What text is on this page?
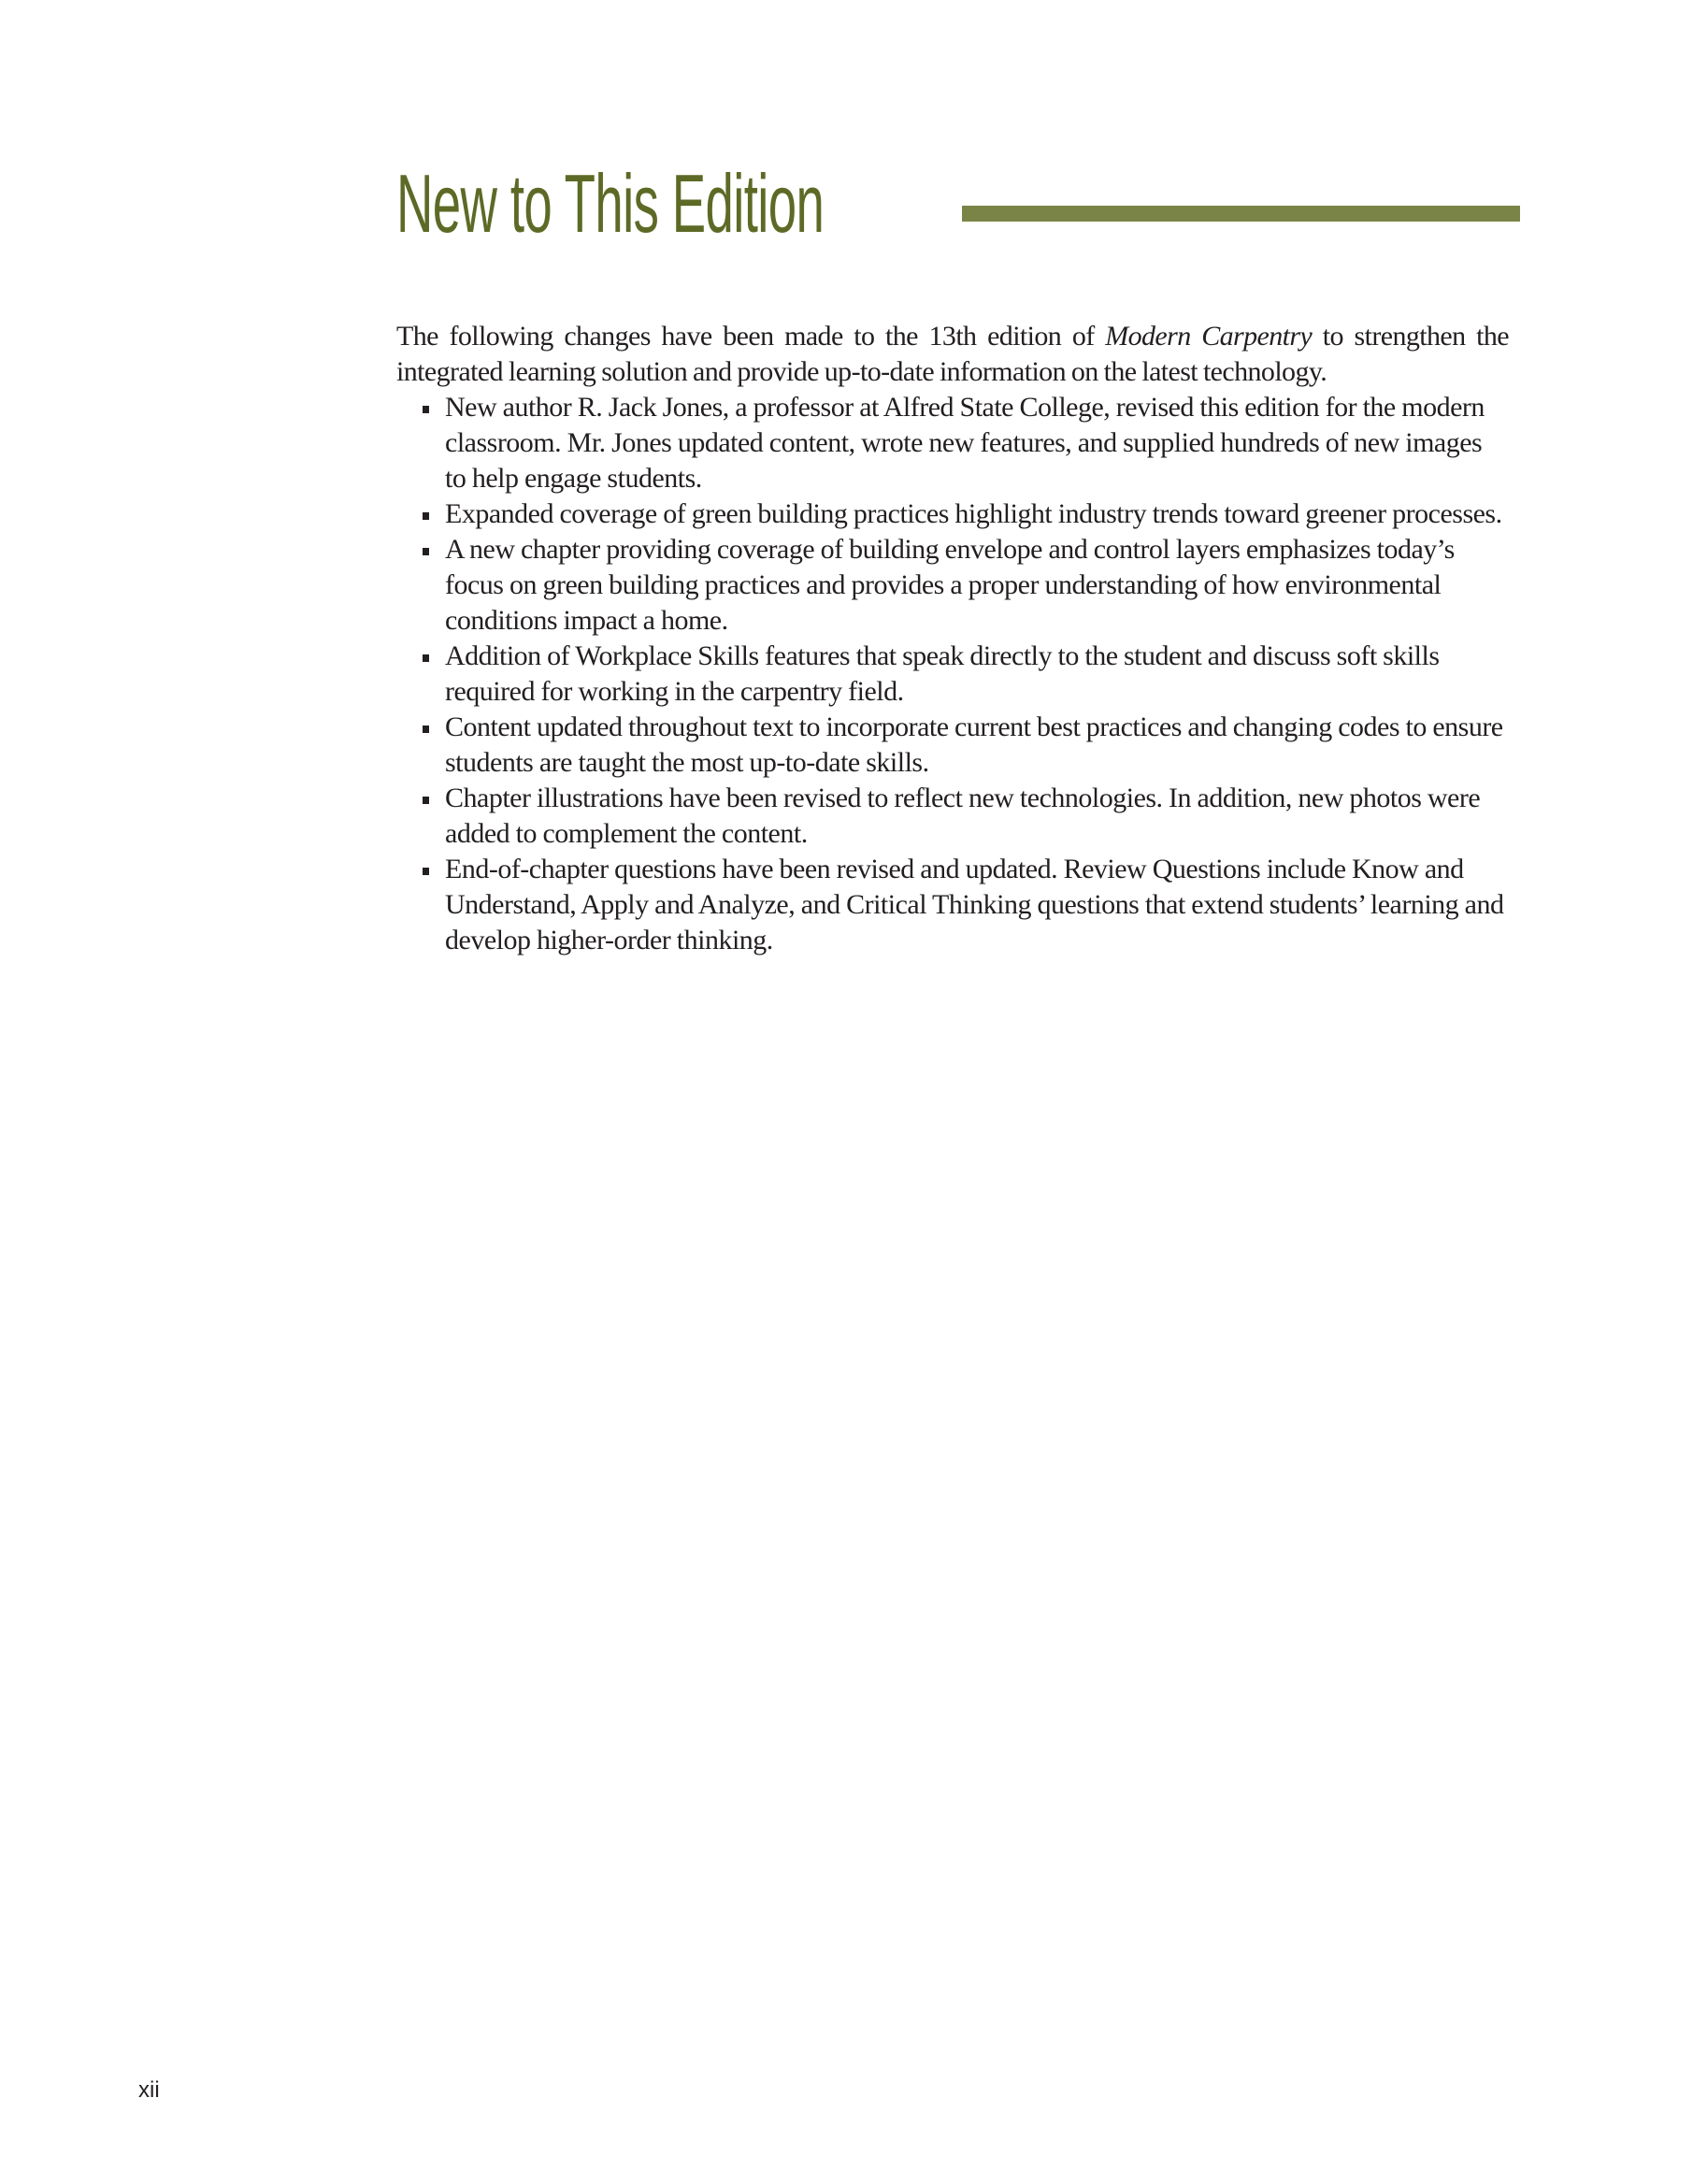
New to This Edition

The following changes have been made to the 13th edition of Modern Carpentry to strengthen the integrated learning solution and provide up-to-date information on the latest technology.

New author R. Jack Jones, a professor at Alfred State College, revised this edition for the modern classroom. Mr. Jones updated content, wrote new features, and supplied hundreds of new images to help engage students.
Expanded coverage of green building practices highlight industry trends toward greener processes.
A new chapter providing coverage of building envelope and control layers emphasizes today’s focus on green building practices and provides a proper understanding of how environmental conditions impact a home.
Addition of Workplace Skills features that speak directly to the student and discuss soft skills required for working in the carpentry field.
Content updated throughout text to incorporate current best practices and changing codes to ensure students are taught the most up-to-date skills.
Chapter illustrations have been revised to reflect new technologies. In addition, new photos were added to complement the content.
End-of-chapter questions have been revised and updated. Review Questions include Know and Understand, Apply and Analyze, and Critical Thinking questions that extend students’ learning and develop higher-order thinking.
xii
